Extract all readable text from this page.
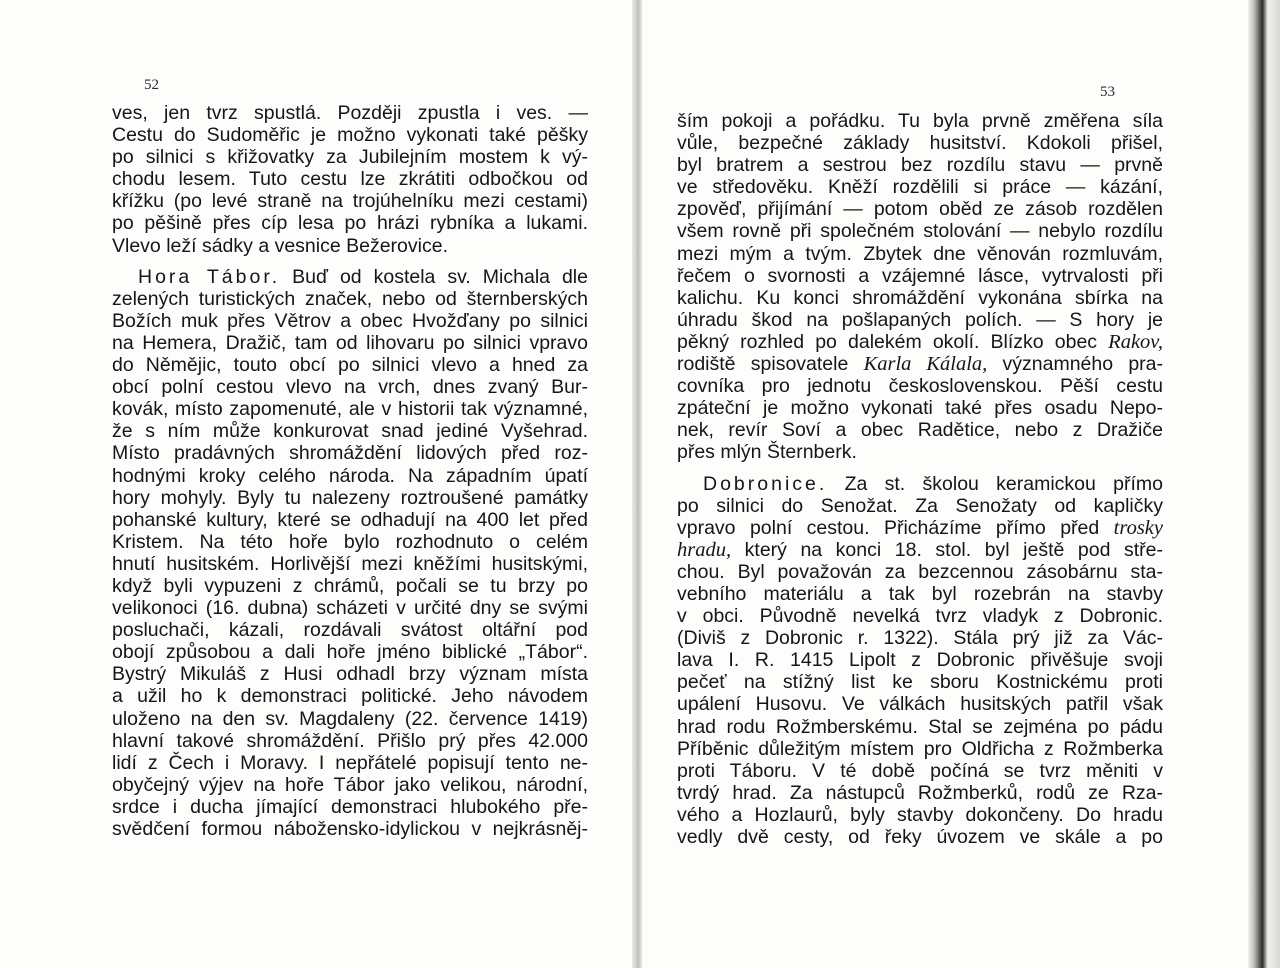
52
ves, jen tvrz spustlá. Později zpustla i ves. —
Cestu do Sudoměřic je možno vykonati také pěšky
po silnici s křižovatky za Jubilejním mostem k vý-
chodu lesem. Tuto cestu lze zkrátiti odbočkou od
křížku (po levé straně na trojúhelníku mezi cestami)
po pěšině přes cíp lesa po hrázi rybníka a lukami.
Vlevo leží sádky a vesnice Bežerovice.
Hora Tábor. Buď od kostela sv. Michala dle
zelených turistických značek, nebo od šternberských
Božích muk přes Větrov a obec Hvožďany po silnici
na Hemera, Dražič, tam od lihovaru po silnici vpravo
do Němějic, touto obcí po silnici vlevo a hned za
obcí polní cestou vlevo na vrch, dnes zvaný Bur-
kovák, místo zapomenuté, ale v historii tak významné,
že s ním může konkurovat snad jediné Vyšehrad.
Místo pradávných shromáždění lidových před roz-
hodnými kroky celého národa. Na západním úpatí
hory mohyly. Byly tu nalezeny roztroušené památky
pohanské kultury, které se odhadují na 400 let před
Kristem. Na této hoře bylo rozhodnuto o celém
hnutí husitském. Horlivější mezi kněžími husitskými,
když byli vypuzeni z chrámů, počali se tu brzy po
velikonoci (16. dubna) scházeti v určité dny se svými
posluchači, kázali, rozdávali svátost oltářní pod
obojí způsobou a dali hoře jméno biblické „Tábor“.
Bystrý Mikuláš z Husi odhadl brzy význam místa
a užil ho k demonstraci politické. Jeho návodem
uloženo na den sv. Magdaleny (22. července 1419)
hlavní takové shromáždění. Přišlo prý přes 42.000
lidí z Čech i Moravy. I nepřátelé popisují tento ne-
obyčejný výjev na hoře Tábor jako velikou, národní,
srdce i ducha jímající demonstraci hlubokého pře-
svědčení formou nábožensko-idylickou v nejkrásněj-
53
ším pokoji a pořádku. Tu byla prvně změřena síla
vůle, bezpečné základy husitství. Kdokoli přišel,
byl bratrem a sestrou bez rozdílu stavu — prvně
ve středověku. Kněží rozdělili si práce — kázání,
zpověď, přijímání — potom oběd ze zásob rozdělen
všem rovně při společném stolování — nebylo rozdílu
mezi mým a tvým. Zbytek dne věnován rozmluvám,
řečem o svornosti a vzájemné lásce, vytrvalosti při
kalichu. Ku konci shromáždění vykonána sbírka na
úhradu škod na pošlapaných polích. — S hory je
pěkný rozhled po dalekém okolí. Blízko obec Rakov,
rodiště spisovatele Karla Kálala, významného pra-
covníka pro jednotu československou. Pěší cestu
zpáteční je možno vykonati také přes osadu Nepo-
nek, revír Soví a obec Radětice, nebo z Dražiče
přes mlýn Šternberk.
Dobronice. Za st. školou keramickou přímo
po silnici do Senožat. Za Senožaty od kapličky
vpravo polní cestou. Přicházíme přímo před trosky
hradu, který na konci 18. stol. byl ještě pod stře-
chou. Byl považován za bezcennou zásobárnu sta-
vebního materiálu a tak byl rozebrán na stavby
v obci. Původně nevelká tvrz vladyk z Dobronic.
(Diviš z Dobronic r. 1322). Stála prý již za Vác-
lava I. R. 1415 Lipolt z Dobronic přivěšuje svoji
pečeť na stížný list ke sboru Kostnickému proti
upálení Husovu. Ve válkách husitských patřil však
hrad rodu Rožmberskému. Stal se zejména po pádu
Příběnic důležitým místem pro Oldřicha z Rožmberka
proti Táboru. V té době počíná se tvrz měniti v
tvrdý hrad. Za nástupců Rožmberků, rodů ze Rza-
vého a Hozlaurů, byly stavby dokončeny. Do hradu
vedly dvě cesty, od řeky úvozem ve skále a po
